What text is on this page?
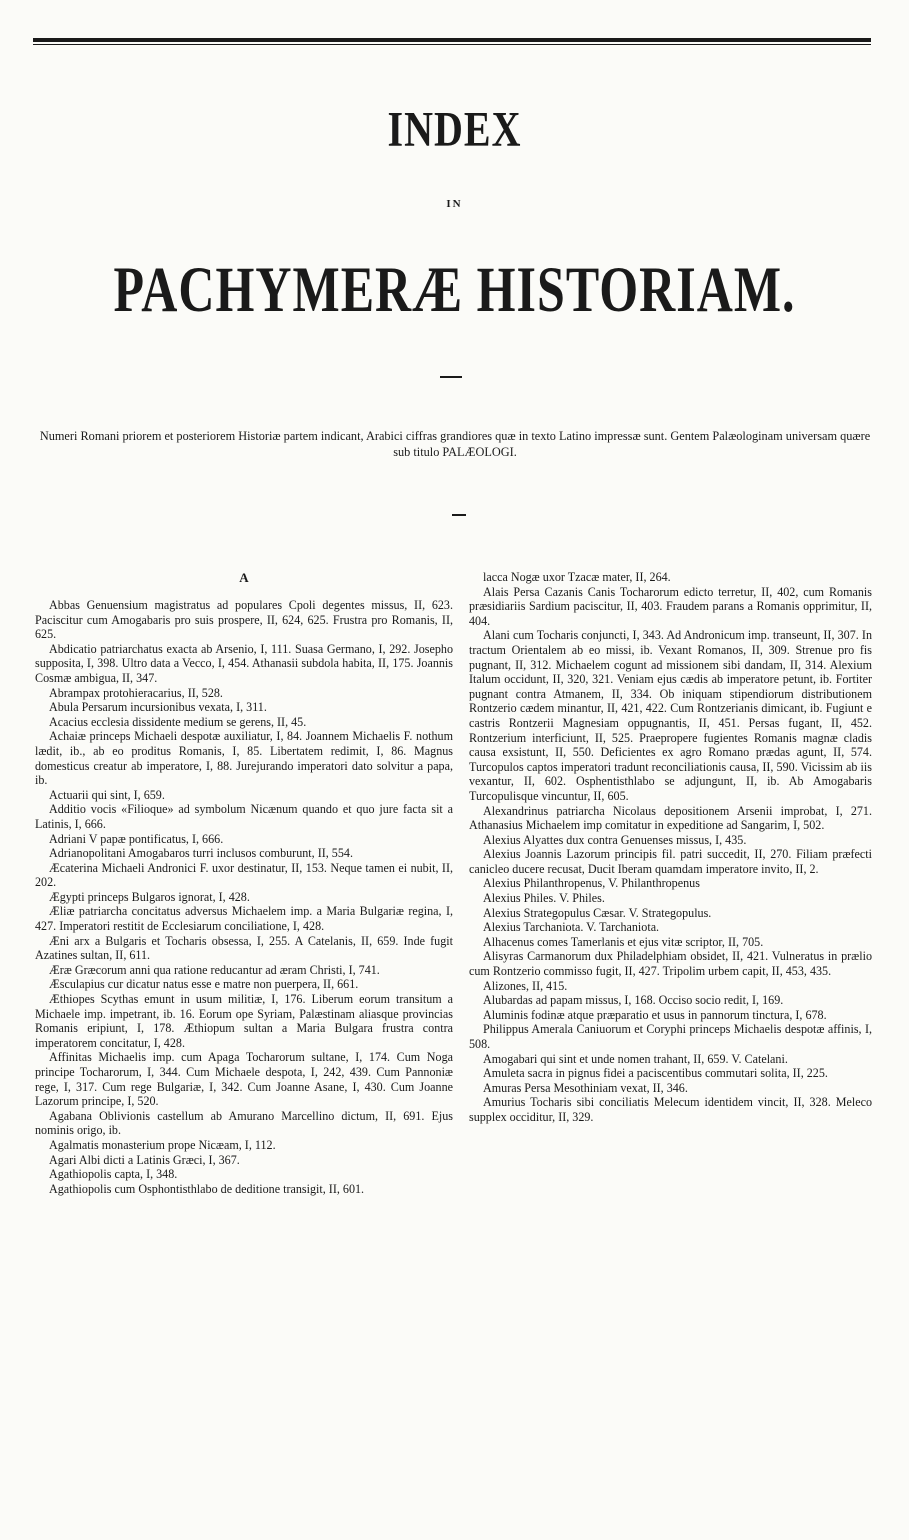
INDEX
IN
PACHYMERÆ HISTORIAM.
Numeri Romani priorem et posteriorem Historiæ partem indicant, Arabici ciffras grandiores quæ in texto Latino impressæ sunt. Gentem Palæologinam universam quære sub titulo PALÆOLOGI.
A

Abbas Genuensium magistratus ad populares Cpoli degentes missus, II, 623. Paciscitur cum Amogabaris pro suis prospere, II, 624, 625. Frustra pro Romanis, II, 625.

Abdicatio patriarchatus exacta ab Arsenio, I, 111. Suasa Germano, I, 292. Josepho supposita, I, 398. Ultro data a Vecco, I, 454. Athanasii subdola habita, II, 175. Joannis Cosmæ ambigua, II, 347.

Abrampax protohieracarius, II, 528.

Abula Persarum incursionibus vexata, I, 311.

Acacius ecclesia dissidente medium se gerens, II, 45.

Achaiæ princeps Michaeli despotæ auxiliatur, I, 84. Joannem Michaelis F. nothum lædit, ib., ab eo proditus Romanis, I, 85. Libertatem redimit, I, 86. Magnus domesticus creatur ab imperatore, I, 88. Jurejurando imperatori dato solvitur a papa, ib.

Actuarii qui sint, I, 659.

Additio vocis «Filioque» ad symbolum Nicænum quando et quo jure facta sit a Latinis, I, 666.

Adriani V papæ pontificatus, I, 666.

Adrianopolitani Amogabaros turri inclusos comburunt, II, 554.

Æcaterina Michaeli Andronici F. uxor destinatur, II, 153. Neque tamen ei nubit, II, 202.

Ægypti princeps Bulgaros ignorat, I, 428.

Æliæ patriarcha concitatus adversus Michaelem imp. a Maria Bulgariæ regina, I, 427. Imperatori restitit de Ecclesiarum conciliatione, I, 428.

Æni arx a Bulgaris et Tocharis obsessa, I, 255. A Catelanis, II, 659. Inde fugit Azatines sultan, II, 611.

Æræ Græcorum anni qua ratione reducantur ad æram Christi, I, 741.

Æsculapius cur dicatur natus esse e matre non puerpera, II, 661.

Æthiopes Scythas emunt in usum militiæ, I, 176. Liberum eorum transitum a Michaele imp. impetrant, ib. 16. Eorum ope Syriam, Palæstinam aliasque provincias Romanis eripiunt, I, 178. Æthiopum sultan a Maria Bulgara frustra contra imperatorem concitatur, I, 428.

Affinitas Michaelis imp. cum Apaga Tocharorum sultane, I, 174. Cum Noga principe Tocharorum, I, 344. Cum Michaele despota, I, 242, 439. Cum Pannoniæ rege, I, 317. Cum rege Bulgariæ, I, 342. Cum Joanne Asane, I, 430. Cum Joanne Lazorum principe, I, 520.

Agabana Oblivionis castellum ab Amurano Marcellino dictum, II, 691. Ejus nominis origo, ib.

Agalmatis monasterium prope Nicæam, I, 112.

Agari Albi dicti a Latinis Græci, I, 367.

Agathiopolis capta, I, 348.

Agathiopolis cum Osphontisthlabo de deditione transigit, II, 601.

lacca Nogæ uxor Tzacæ mater, II, 264.

Alais Persa Cazanis Canis Tocharorum edicto terretur, II, 402, cum Romanis præsidiariis Sardium paciscitur, II, 403. Fraudem parans a Romanis opprimitur, II, 404.

Alani cum Tocharis conjuncti, I, 343. Ad Andronicum imp. transeunt, II, 307. In tractum Orientalem ab eo missi, ib. Vexant Romanos, II, 309. Strenue pro fis pugnant, II, 312. Michaelem cogunt ad missionem sibi dandam, II, 314. Alexium Italum occidunt, II, 320, 321. Veniam ejus cædis ab imperatore petunt, ib. Fortiter pugnant contra Atmanem, II, 334. Ob iniquam stipendiorum distributionem Rontzerio cædem minantur, II, 421, 422. Cum Rontzerianis dimicant, ib. Fugiunt e castris Rontzerii Magnesiam oppugnantis, II, 451. Persas fugant, II, 452. Rontzerium interficiunt, II, 525. Praepropere fugientes Romanis magnæ cladis causa exsistunt, II, 550. Deficientes ex agro Romano prædas agunt, II, 574. Turcopulos captos imperatori tradunt reconciliationis causa, II, 590. Vicissim ab iis vexantur, II, 602. Osphentisthlabo se adjungunt, II, ib. Ab Amogabaris Turcopulisque vincuntur, II, 605.

Alexandrinus patriarcha Nicolaus depositionem Arsenii improbat, I, 271. Athanasius Michaelem imp comitatur in expeditione ad Sangarim, I, 502.

Alexius Alyattes dux contra Genuenses missus, I, 435.

Alexius Joannis Lazorum principis fil. patri succedit, II, 270. Filiam præfecti canicleo ducere recusat, Ducit Iberam quamdam imperatore invito, II, 2.

Alexius Philanthropenus, V. Philanthropenus

Alexius Philes. V. Philes.

Alexius Strategopulus Cæsar. V. Strategopulus.

Alexius Tarchaniota. V. Tarchaniota.

Alhacenus comes Tamerlanis et ejus vitæ scriptor, II, 705.

Alisyras Carmanorum dux Philadelphiam obsidet, II, 421. Vulneratus in prælio cum Rontzerio commisso fugit, II, 427. Tripolim urbem capit, II, 453, 435.

Alizones, II, 415.

Alubardas ad papam missus, I, 168. Occiso socio redit, I, 169.

Aluminis fodinæ atque præparatio et usus in pannorum tinctura, I, 678.

Philippus Amerala Caniuorum et Coryphi princeps Michaelis despotæ affinis, I, 508.

Amogabari qui sint et unde nomen trahant, II, 659. V. Catelani.

Amuleta sacra in pignus fidei a paciscentibus commutari solita, II, 225.

Amuras Persa Mesothiniam vexat, II, 346.

Amurius Tocharis sibi conciliatis Melecum identidem vincit, II, 328. Meleco supplex occiditur, II, 329.
